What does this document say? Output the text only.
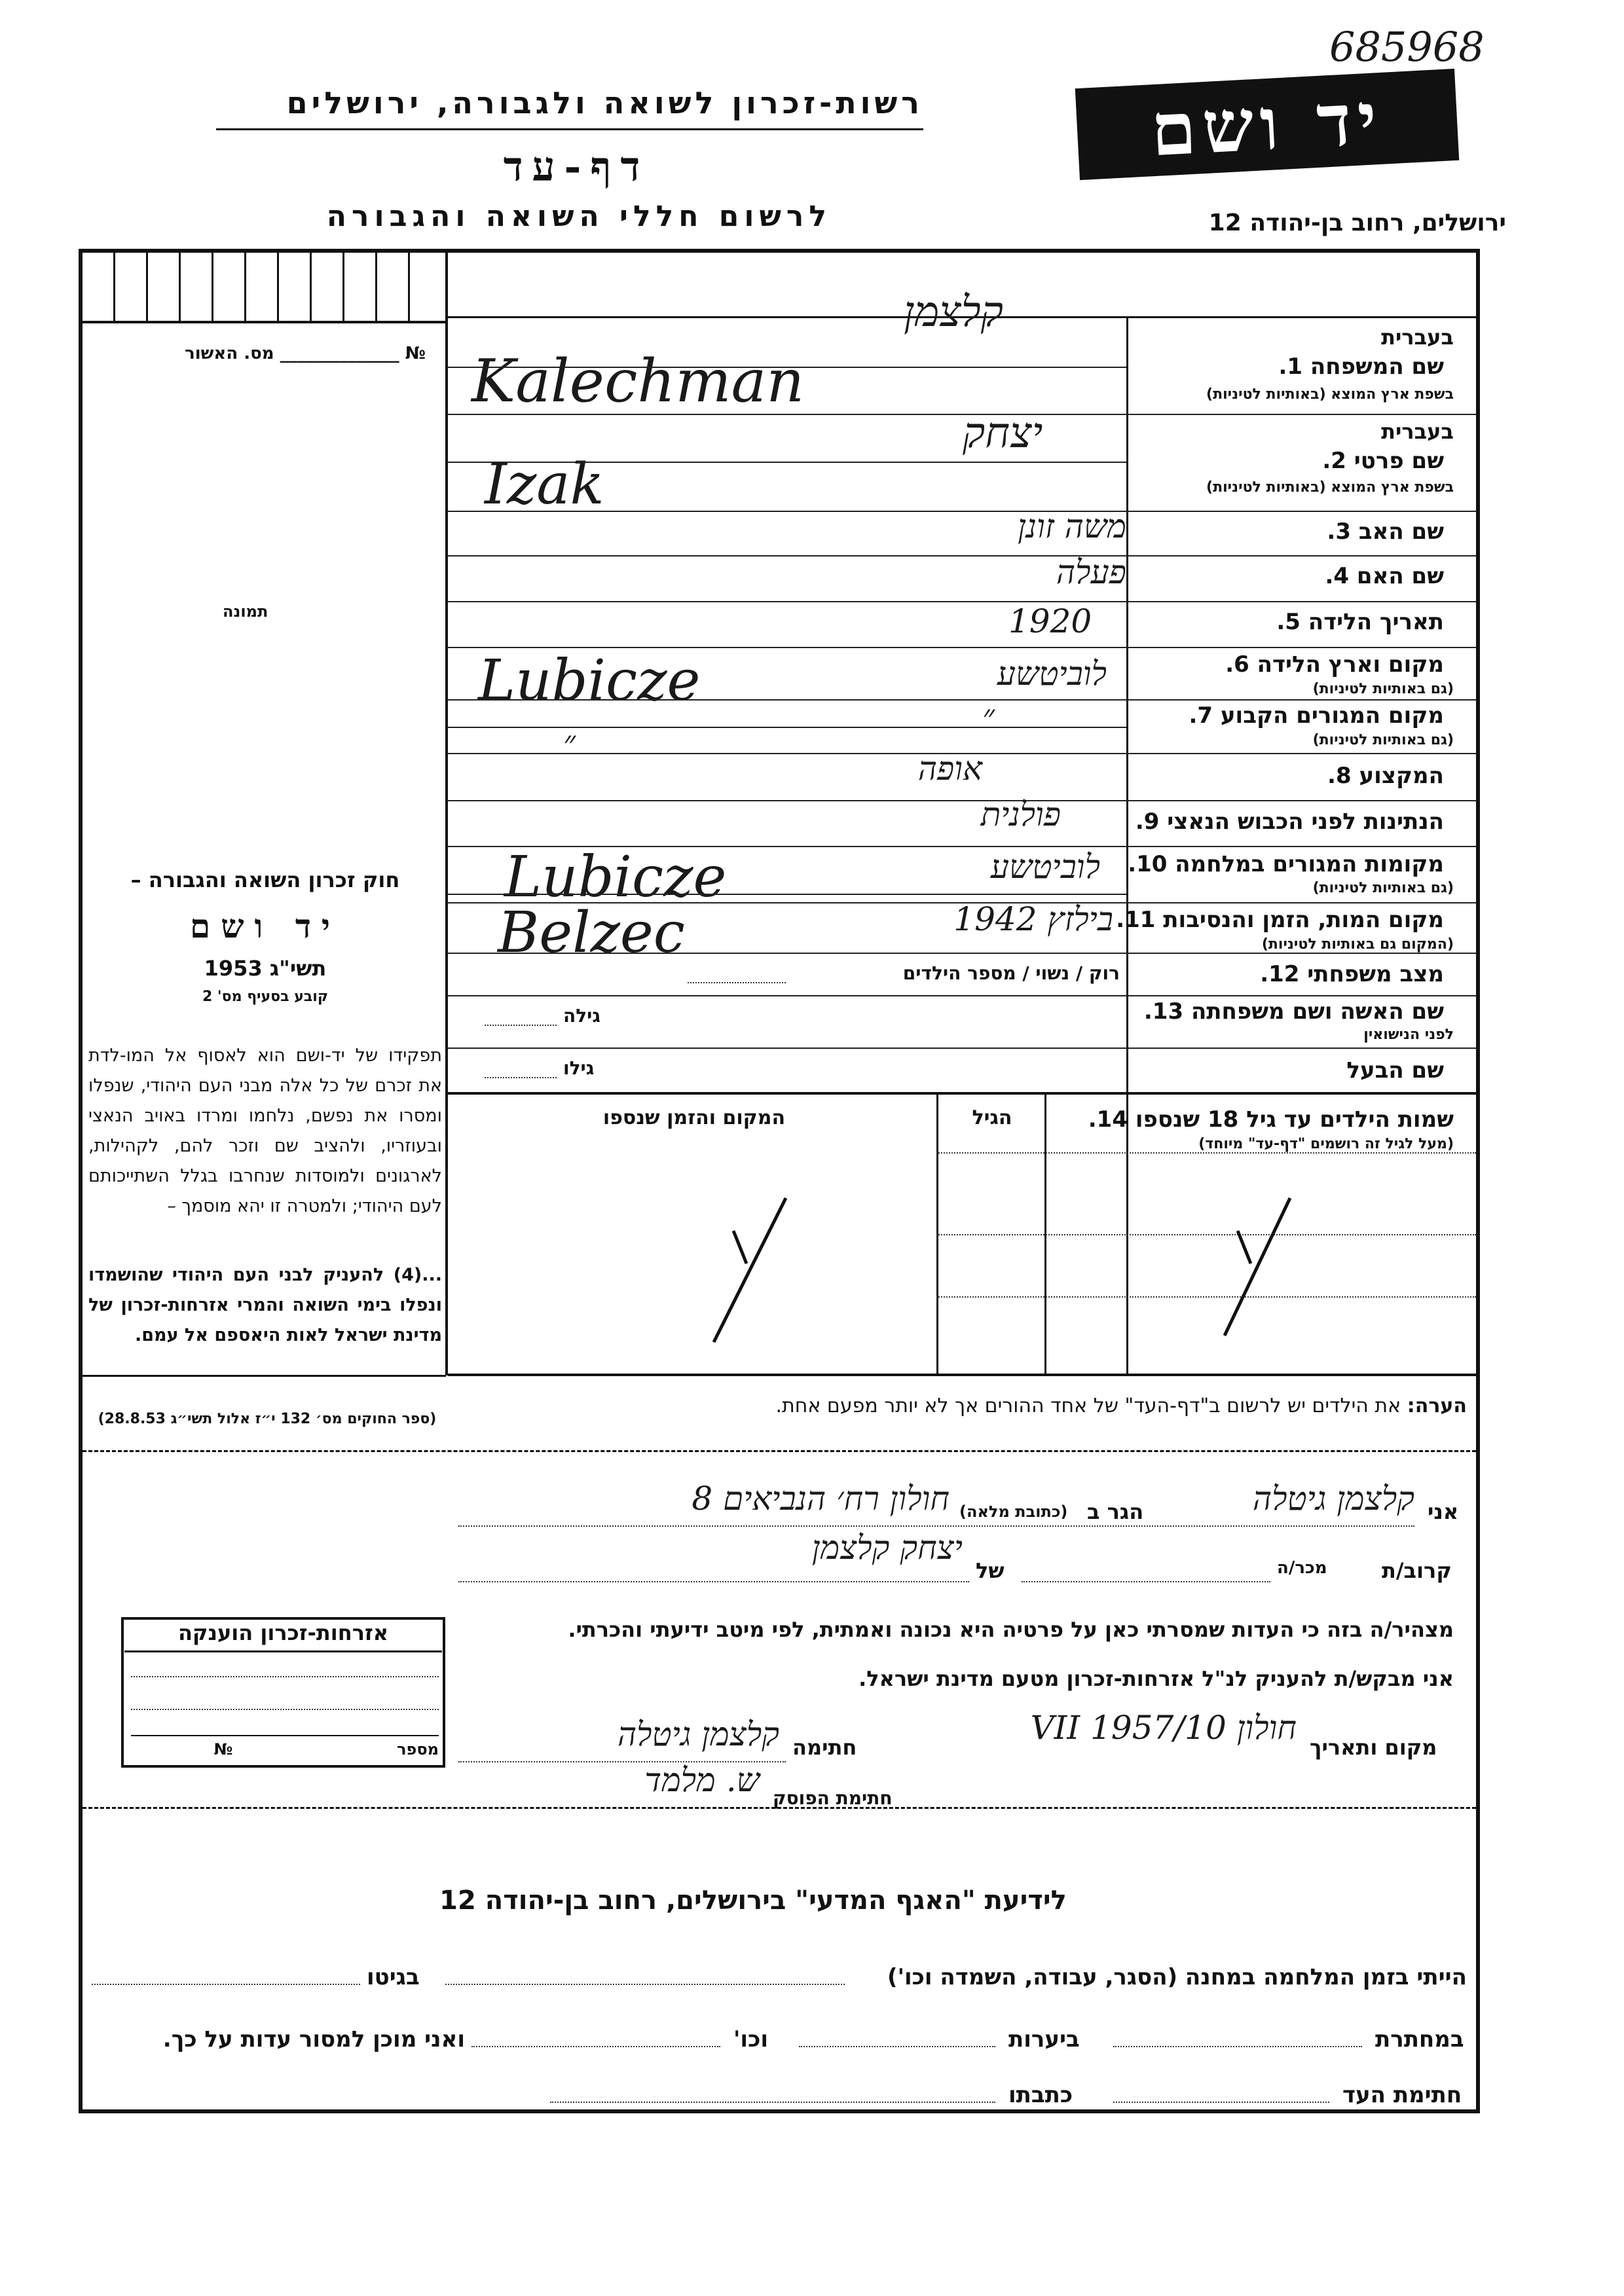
רשות-זכרון לשואה ולגבורה, ירושלים
דף-עד
לרשום חללי השואה והגבורה
יד ושם
ירושלים, רחוב בן-יהודה 12
685968
№ ______________ מס. האשור
תמונה
חוק זכרון השואה והגבורה –
יד ושם
תשי"ג 1953
קובע בסעיף מס' 2
תפקידו של יד-ושם הוא לאסוף אל המו-לדת את זכרם של כל אלה מבני העם היהודי, שנפלו ומסרו את נפשם, נלחמו ומרדו באויב הנאצי ובעוזריו, ולהציב שם וזכר להם, לקהילות, לארגונים ולמוסדות שנחרבו בגלל השתייכותם לעם היהודי; ולמטרה זו יהא מוסמך –
...(4) להעניק לבני העם היהודי שהושמדו ונפלו בימי השואה והמרי אזרחות-זכרון של מדינת ישראל לאות היאספם אל עמם.
(ספר החוקים מס׳ 132 י״ז אלול תשי״ג 28.8.53)
בעברית
שם המשפחה 1.
בשפת ארץ המוצא (באותיות לטיניות)
קלצמן
Kalechman
בעברית
שם פרטי 2.
בשפת ארץ המוצא (באותיות לטיניות)
יצחק
Izak
שם האב 3.
משה זונן
שם האם 4.
פעלה
תאריך הלידה 5.
1920
מקום וארץ הלידה 6.
(גם באותיות לטיניות)
לוביטשע
Lubicze
מקום המגורים הקבוע 7.
(גם באותיות לטיניות)
״
״
המקצוע 8.
אופה
הנתינות לפני הכבוש הנאצי 9.
פולנית
מקומות המגורים במלחמה 10.
(גם באותיות לטיניות)
לוביטשע
Lubicze
מקום המות, הזמן והנסיבות 11.
(המקום גם באותיות לטיניות)
בילזץ 1942
Belzec
מצב משפחתי 12.
רוק / נשוי / מספר הילדים
שם האשה ושם משפחתה 13.
לפני הנישואין
גילה
שם הבעל
גילו
שמות הילדים עד גיל 18 שנספו 14.
(מעל לגיל זה רושמים "דף-עד" מיוחד)
הגיל
המקום והזמן שנספו
הערה: את הילדים יש לרשום ב"דף-העד" של אחד ההורים אך לא יותר מפעם אחת.
אני
קלצמן גיטלה
הגר ב
(כתובת מלאה)
חולון רח׳ הנביאים 8
קרוב/ת
מכר/ה
של
יצחק קלצמן
מצהיר/ה בזה כי העדות שמסרתי כאן על פרטיה היא נכונה ואמתית, לפי מיטב ידיעתי והכרתי.
אני מבקש/ת להעניק לנ"ל אזרחות-זכרון מטעם מדינת ישראל.
מקום ותאריך
חולון 10/VII 1957
חתימה
קלצמן גיטלה
חתימת הפוסק
ש. מלמד
אזרחות-זכרון הוענקה
מספר                              №
לידיעת "האגף המדעי" בירושלים, רחוב בן-יהודה 12
הייתי בזמן המלחמה במחנה (הסגר, עבודה, השמדה וכו')
בגיטו
במחתרת
ביערות
וכו'
ואני מוכן למסור עדות על כך.
חתימת העד
כתבתו
